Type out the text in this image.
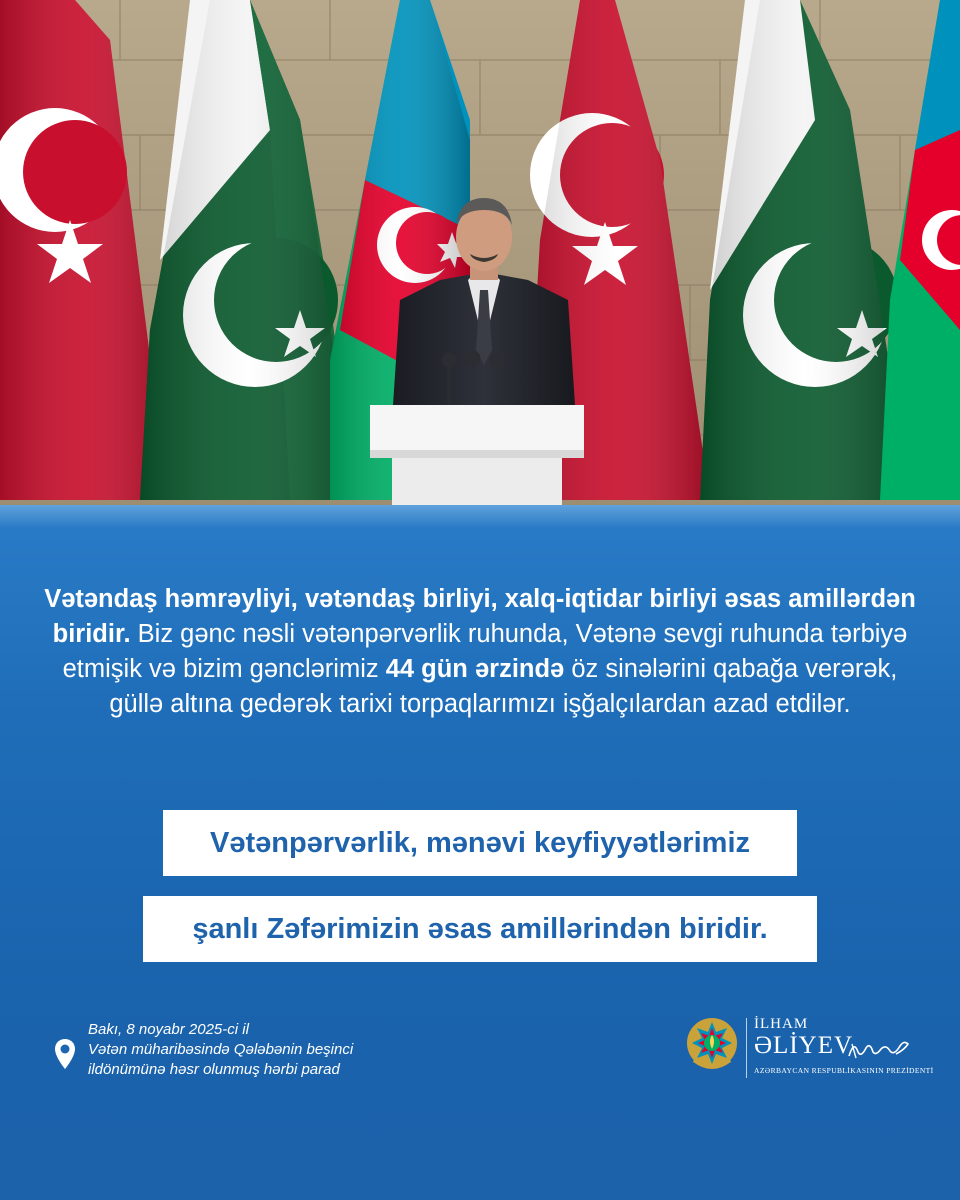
Vətəndaş həmrəyliyi, vətəndaş birliyi, xalq-iqtidar birliyi əsas amillərdən biridir. Biz gənc nəsli vətənpərvərlik ruhunda, Vətənə sevgi ruhunda tərbiyə etmişik və bizim gənclərimiz 44 gün ərzində öz sinələrini qabağa verərək, güllə altına gedərək tarixi torpaqlarımızı işğalçılardan azad etdilər.
Vətənpərvərlik, mənəvi keyfiyyətlərimiz
şanlı Zəfərimizin əsas amillərindən biridir.
Bakı, 8 noyabr 2025-ci il
Vətən müharibəsində Qələbənin beşinci
ildönümünə həsr olunmuş hərbi parad
İLHAM
ƏLİYEV
AZƏRBAYCAN RESPUBLİKASININ PREZİDENTİ
